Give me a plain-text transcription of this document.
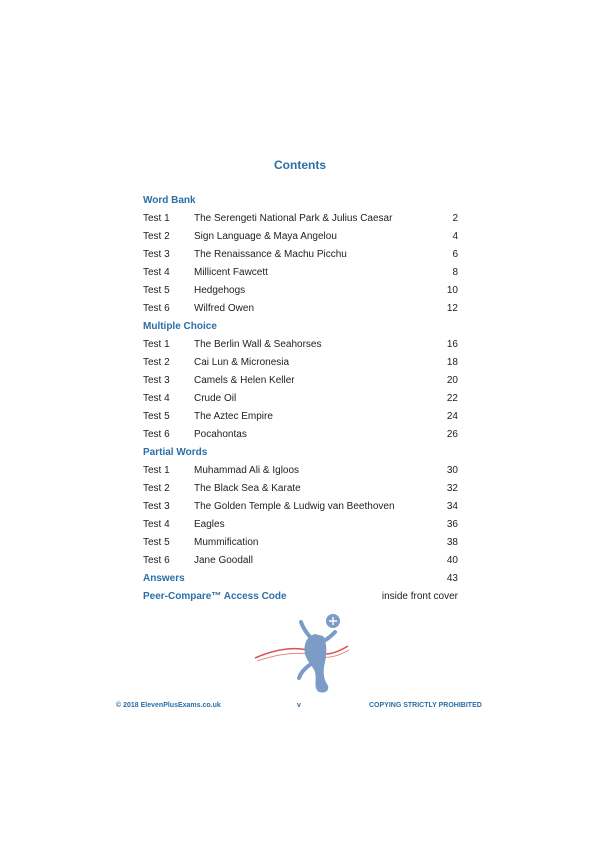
Contents
Word Bank
Test 1 The Serengeti National Park & Julius Caesar	2
Test 2 Sign Language & Maya Angelou	4
Test 3 The Renaissance & Machu Picchu	6
Test 4 Millicent Fawcett	8
Test 5 Hedgehogs	10
Test 6 Wilfred Owen	12
Multiple Choice
Test 1 The Berlin Wall & Seahorses	16
Test 2 Cai Lun & Micronesia	18
Test 3 Camels & Helen Keller	20
Test 4 Crude Oil	22
Test 5 The Aztec Empire	24
Test 6 Pocahontas	26
Partial Words
Test 1 Muhammad Ali & Igloos	30
Test 2 The Black Sea & Karate	32
Test 3 The Golden Temple & Ludwig van Beethoven	34
Test 4 Eagles	36
Test 5 Mummification	38
Test 6 Jane Goodall	40
Answers	43
Peer-Compare™ Access Code	inside front cover
© 2018 ElevenPlusExams.co.uk	v	COPYING STRICTLY PROHIBITED
